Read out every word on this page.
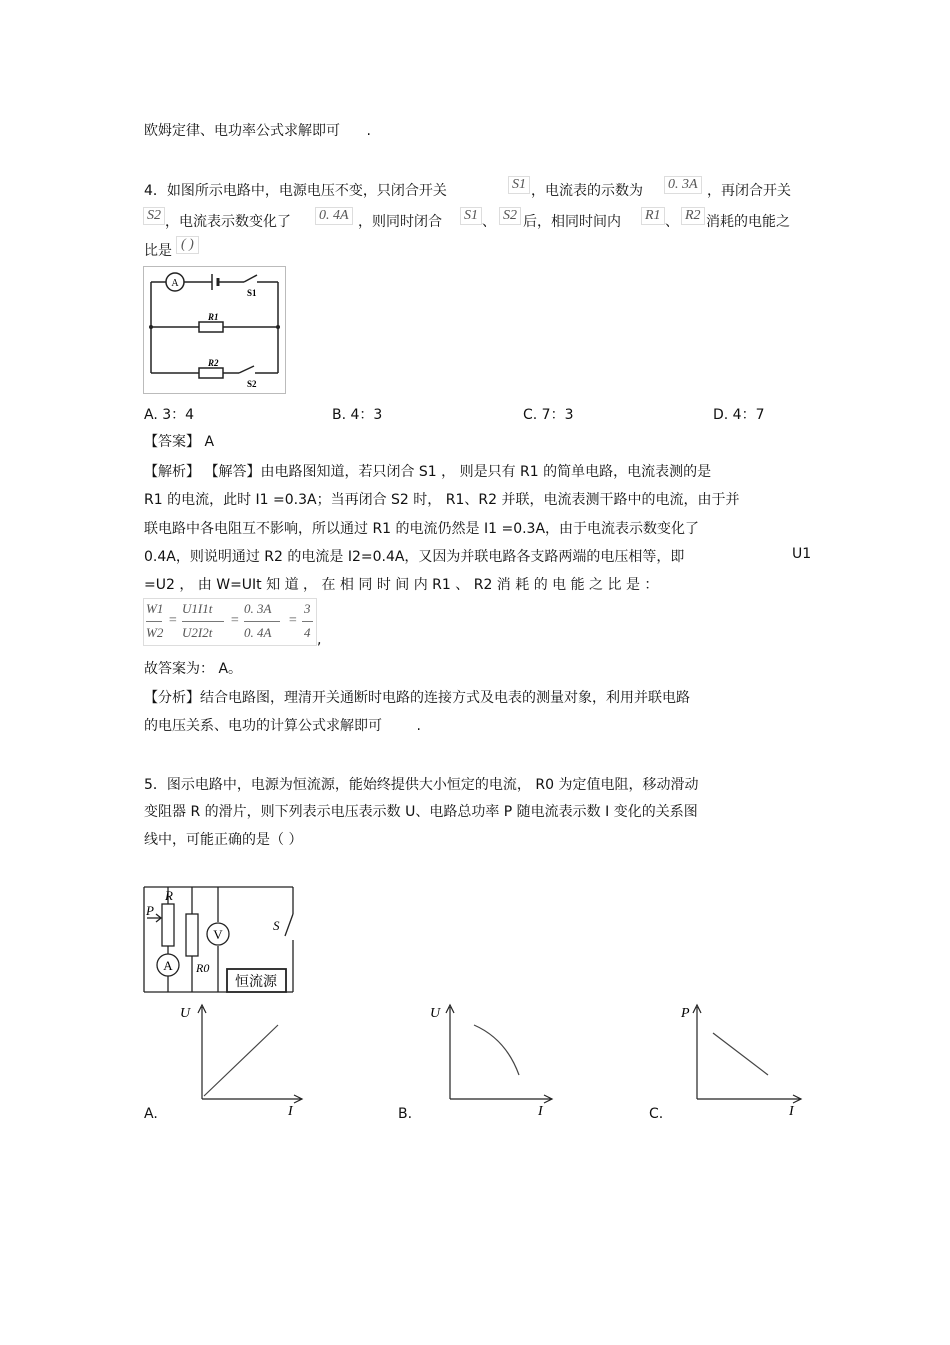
欧姆定律、电功率公式求解即可 .
4．如图所示电路中，电源电压不变，只闭合开关	S1 ，电流表的示数为 0. 3A ，再闭合开关
S2 ，电流表示数变化了 0. 4A ，则同时闭合 S1 、 S2 后，相同时间内 R1 、 R2 消耗的电能之
比是 ( )
A
S1
R1
R2
S2
A. 3：4	B. 4：3	C. 7：3	D. 4：7
【答案】 A
【解析】 【解答】由电路图知道，若只闭合 S1 ， 则是只有 R1 的简单电路，电流表测的是
R1 的电流，此时 I1 =0.3A；当再闭合 S2 时， R1、R2 并联，电流表测干路中的电流，由于并
联电路中各电阻互不影响，所以通过 R1 的电流仍然是 I1 =0.3A，由于电流表示数变化了
0.4A，则说明通过 R2 的电流是 I2=0.4A，又因为并联电路各支路两端的电压相等，即	U1
=U2 ， 由 W=UIt 知 道 ， 在 相 同 时 间 内 R1 、 R2 消 耗 的 电 能 之 比 是 ：
W1
W2
=
U1I1t
U2I2t
=
0. 3A
0. 4A
=
3
4 ,
故答案为： A。
【分析】结合电路图，理清开关通断时电路的连接方式及电表的测量对象，利用并联电路
的电压关系、电功的计算公式求解即可 .
5．图示电路中，电源为恒流源，能始终提供大小恒定的电流， R0 为定值电阻，移动滑动
变阻器 R 的滑片，则下列表示电压表示数 U、电路总功率 P 随电流表示数 I 变化的关系图
线中，可能正确的是（ ）
A
V
R
P
S
R0
恒流源
A.
U
I	B.
U
I	C.
P
I
